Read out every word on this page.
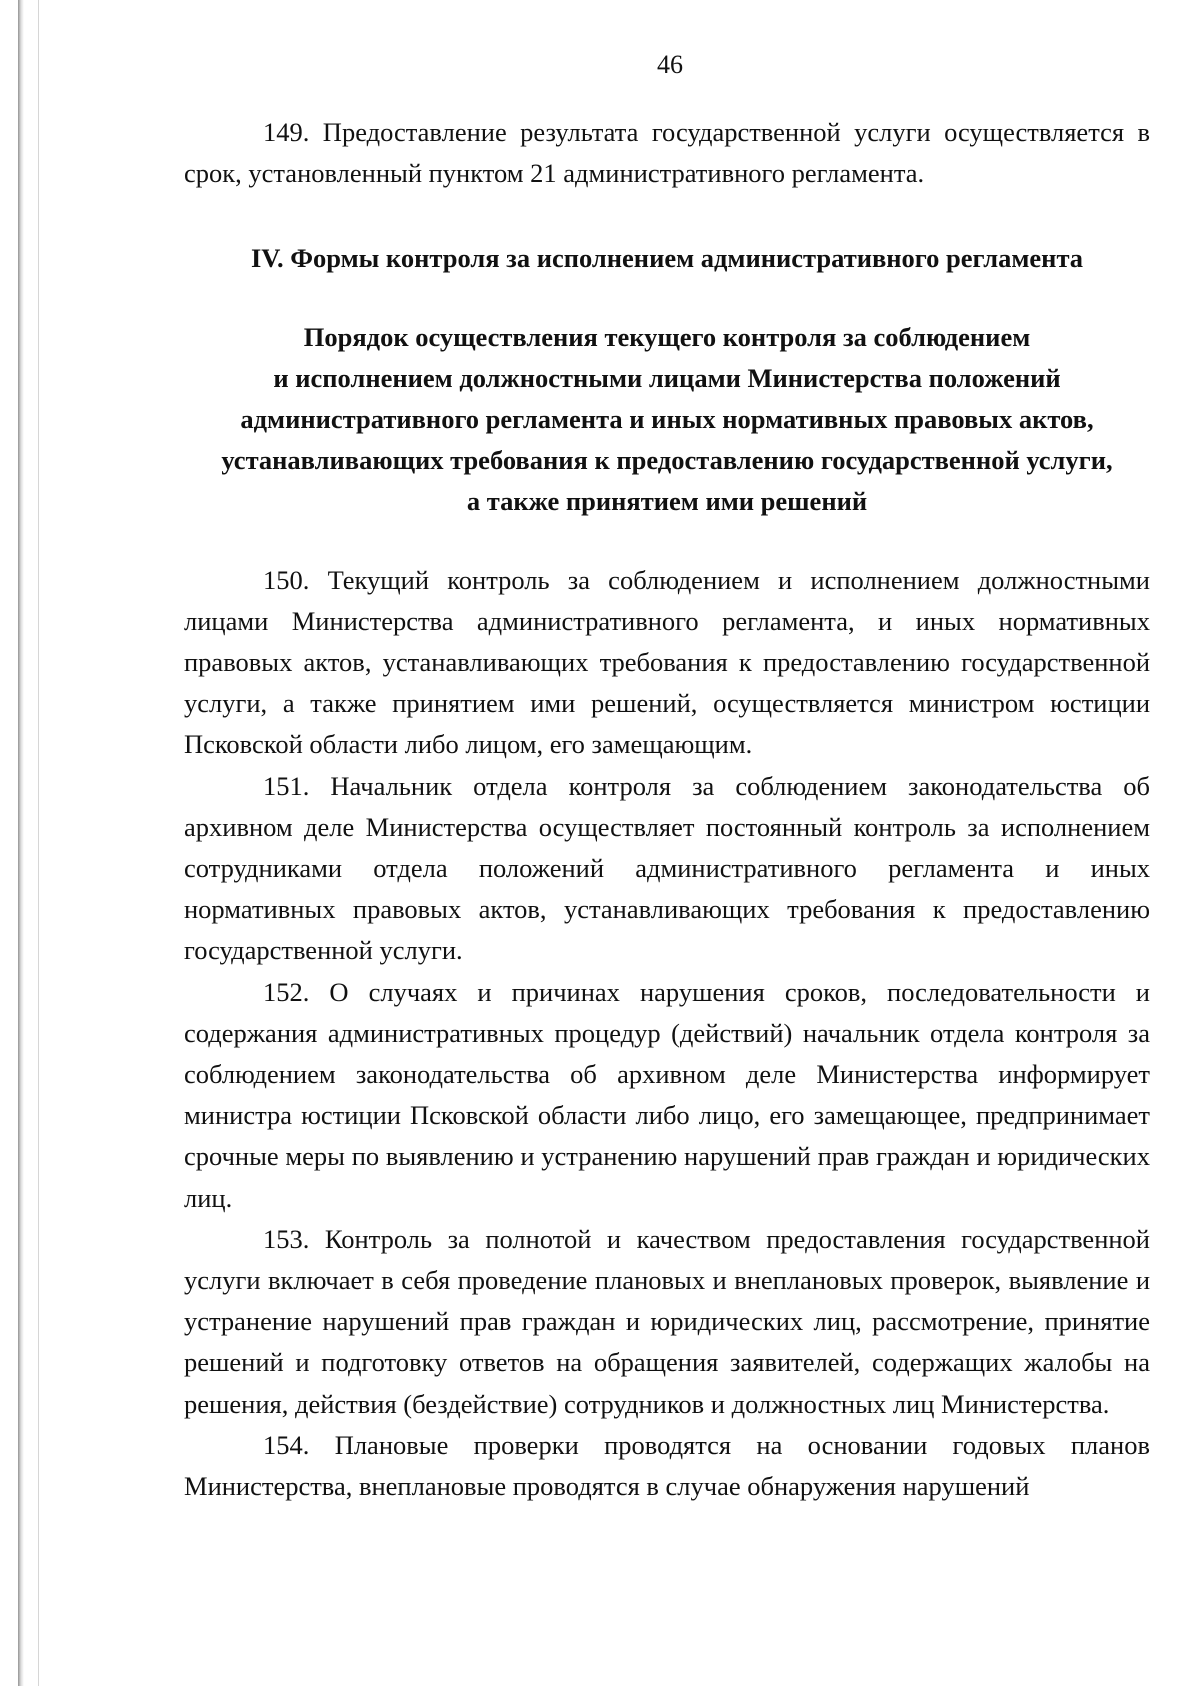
46

149. Предоставление результата государственной услуги осуществляется в срок, установленный пунктом 21 административного регламента.

IV. Формы контроля за исполнением административного регламента

Порядок осуществления текущего контроля за соблюдением
и исполнением должностными лицами Министерства положений
административного регламента и иных нормативных правовых актов,
устанавливающих требования к предоставлению государственной услуги,
а также принятием ими решений

150. Текущий контроль за соблюдением и исполнением должностными лицами Министерства административного регламента, и иных нормативных правовых актов, устанавливающих требования к предоставлению государственной услуги, а также принятием ими решений, осуществляется министром юстиции Псковской области либо лицом, его замещающим.

151. Начальник отдела контроля за соблюдением законодательства об архивном деле Министерства осуществляет постоянный контроль за исполнением сотрудниками отдела положений административного регламента и иных нормативных правовых актов, устанавливающих требования к предоставлению государственной услуги.

152. О случаях и причинах нарушения сроков, последовательности и содержания административных процедур (действий) начальник отдела контроля за соблюдением законодательства об архивном деле Министерства информирует министра юстиции Псковской области либо лицо, его замещающее, предпринимает срочные меры по выявлению и устранению нарушений прав граждан и юридических лиц.

153. Контроль за полнотой и качеством предоставления государственной услуги включает в себя проведение плановых и внеплановых проверок, выявление и устранение нарушений прав граждан и юридических лиц, рассмотрение, принятие решений и подготовку ответов на обращения заявителей, содержащих жалобы на решения, действия (бездействие) сотрудников и должностных лиц Министерства.

154. Плановые проверки проводятся на основании годовых планов Министерства, внеплановые проводятся в случае обнаружения нарушений
